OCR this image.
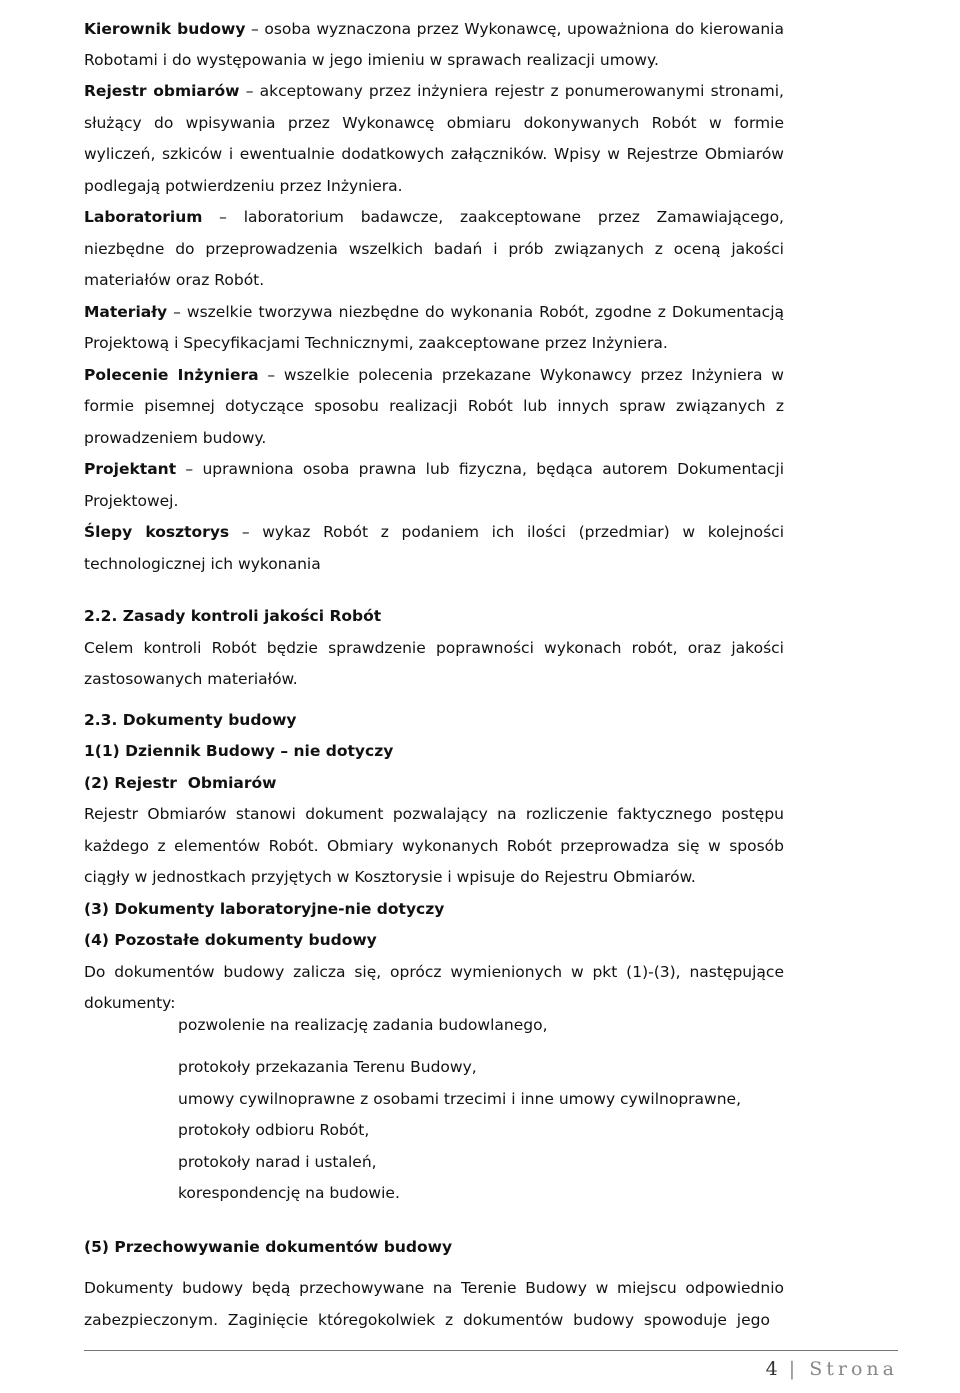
Kierownik budowy – osoba wyznaczona przez Wykonawcę, upoważniona do kierowania Robotami i do występowania w jego imieniu w sprawach realizacji umowy.

Rejestr obmiarów – akceptowany przez inżyniera rejestr z ponumerowanymi stronami, służący do wpisywania przez Wykonawcę obmiaru dokonywanych Robót w formie wyliczeń, szkiców i ewentualnie dodatkowych załączników. Wpisy w Rejestrze Obmiarów podlegają potwierdzeniu przez Inżyniera.

Laboratorium – laboratorium badawcze, zaakceptowane przez Zamawiającego, niezbędne do przeprowadzenia wszelkich badań i prób związanych z oceną jakości materiałów oraz Robót.

Materiały – wszelkie tworzywa niezbędne do wykonania Robót, zgodne z Dokumentacją Projektową i Specyfikacjami Technicznymi, zaakceptowane przez Inżyniera.

Polecenie Inżyniera – wszelkie polecenia przekazane Wykonawcy przez Inżyniera w formie pisemnej dotyczące sposobu realizacji Robót lub innych spraw związanych z prowadzeniem budowy.

Projektant – uprawniona osoba prawna lub fizyczna, będąca autorem Dokumentacji Projektowej.

Ślepy kosztorys – wykaz Robót z podaniem ich ilości (przedmiar) w kolejności technologicznej ich wykonania

2.2. Zasady kontroli jakości Robót

Celem kontroli Robót będzie sprawdzenie poprawności wykonach robót, oraz jakości zastosowanych materiałów.

2.3. Dokumenty budowy

1(1) Dziennik Budowy – nie dotyczy

(2) Rejestr  Obmiarów

Rejestr Obmiarów stanowi dokument pozwalający na rozliczenie faktycznego postępu każdego z elementów Robót. Obmiary wykonanych Robót przeprowadza się w sposób ciągły w jednostkach przyjętych w Kosztorysie i wpisuje do Rejestru Obmiarów.

(3) Dokumenty laboratoryjne-nie dotyczy

(4) Pozostałe dokumenty budowy

Do dokumentów budowy zalicza się, oprócz wymienionych w pkt (1)-(3), następujące dokumenty:

pozwolenie na realizację zadania budowlanego,
protokoły przekazania Terenu Budowy,
umowy cywilnoprawne z osobami trzecimi i inne umowy cywilnoprawne,
protokoły odbioru Robót,
protokoły narad i ustaleń,
korespondencję na budowie.

(5) Przechowywanie dokumentów budowy

Dokumenty budowy będą przechowywane na Terenie Budowy w miejscu odpowiednio zabezpieczonym.  Zaginięcie  któregokolwiek  z  dokumentów  budowy  spowoduje  jego

4 | Strona
